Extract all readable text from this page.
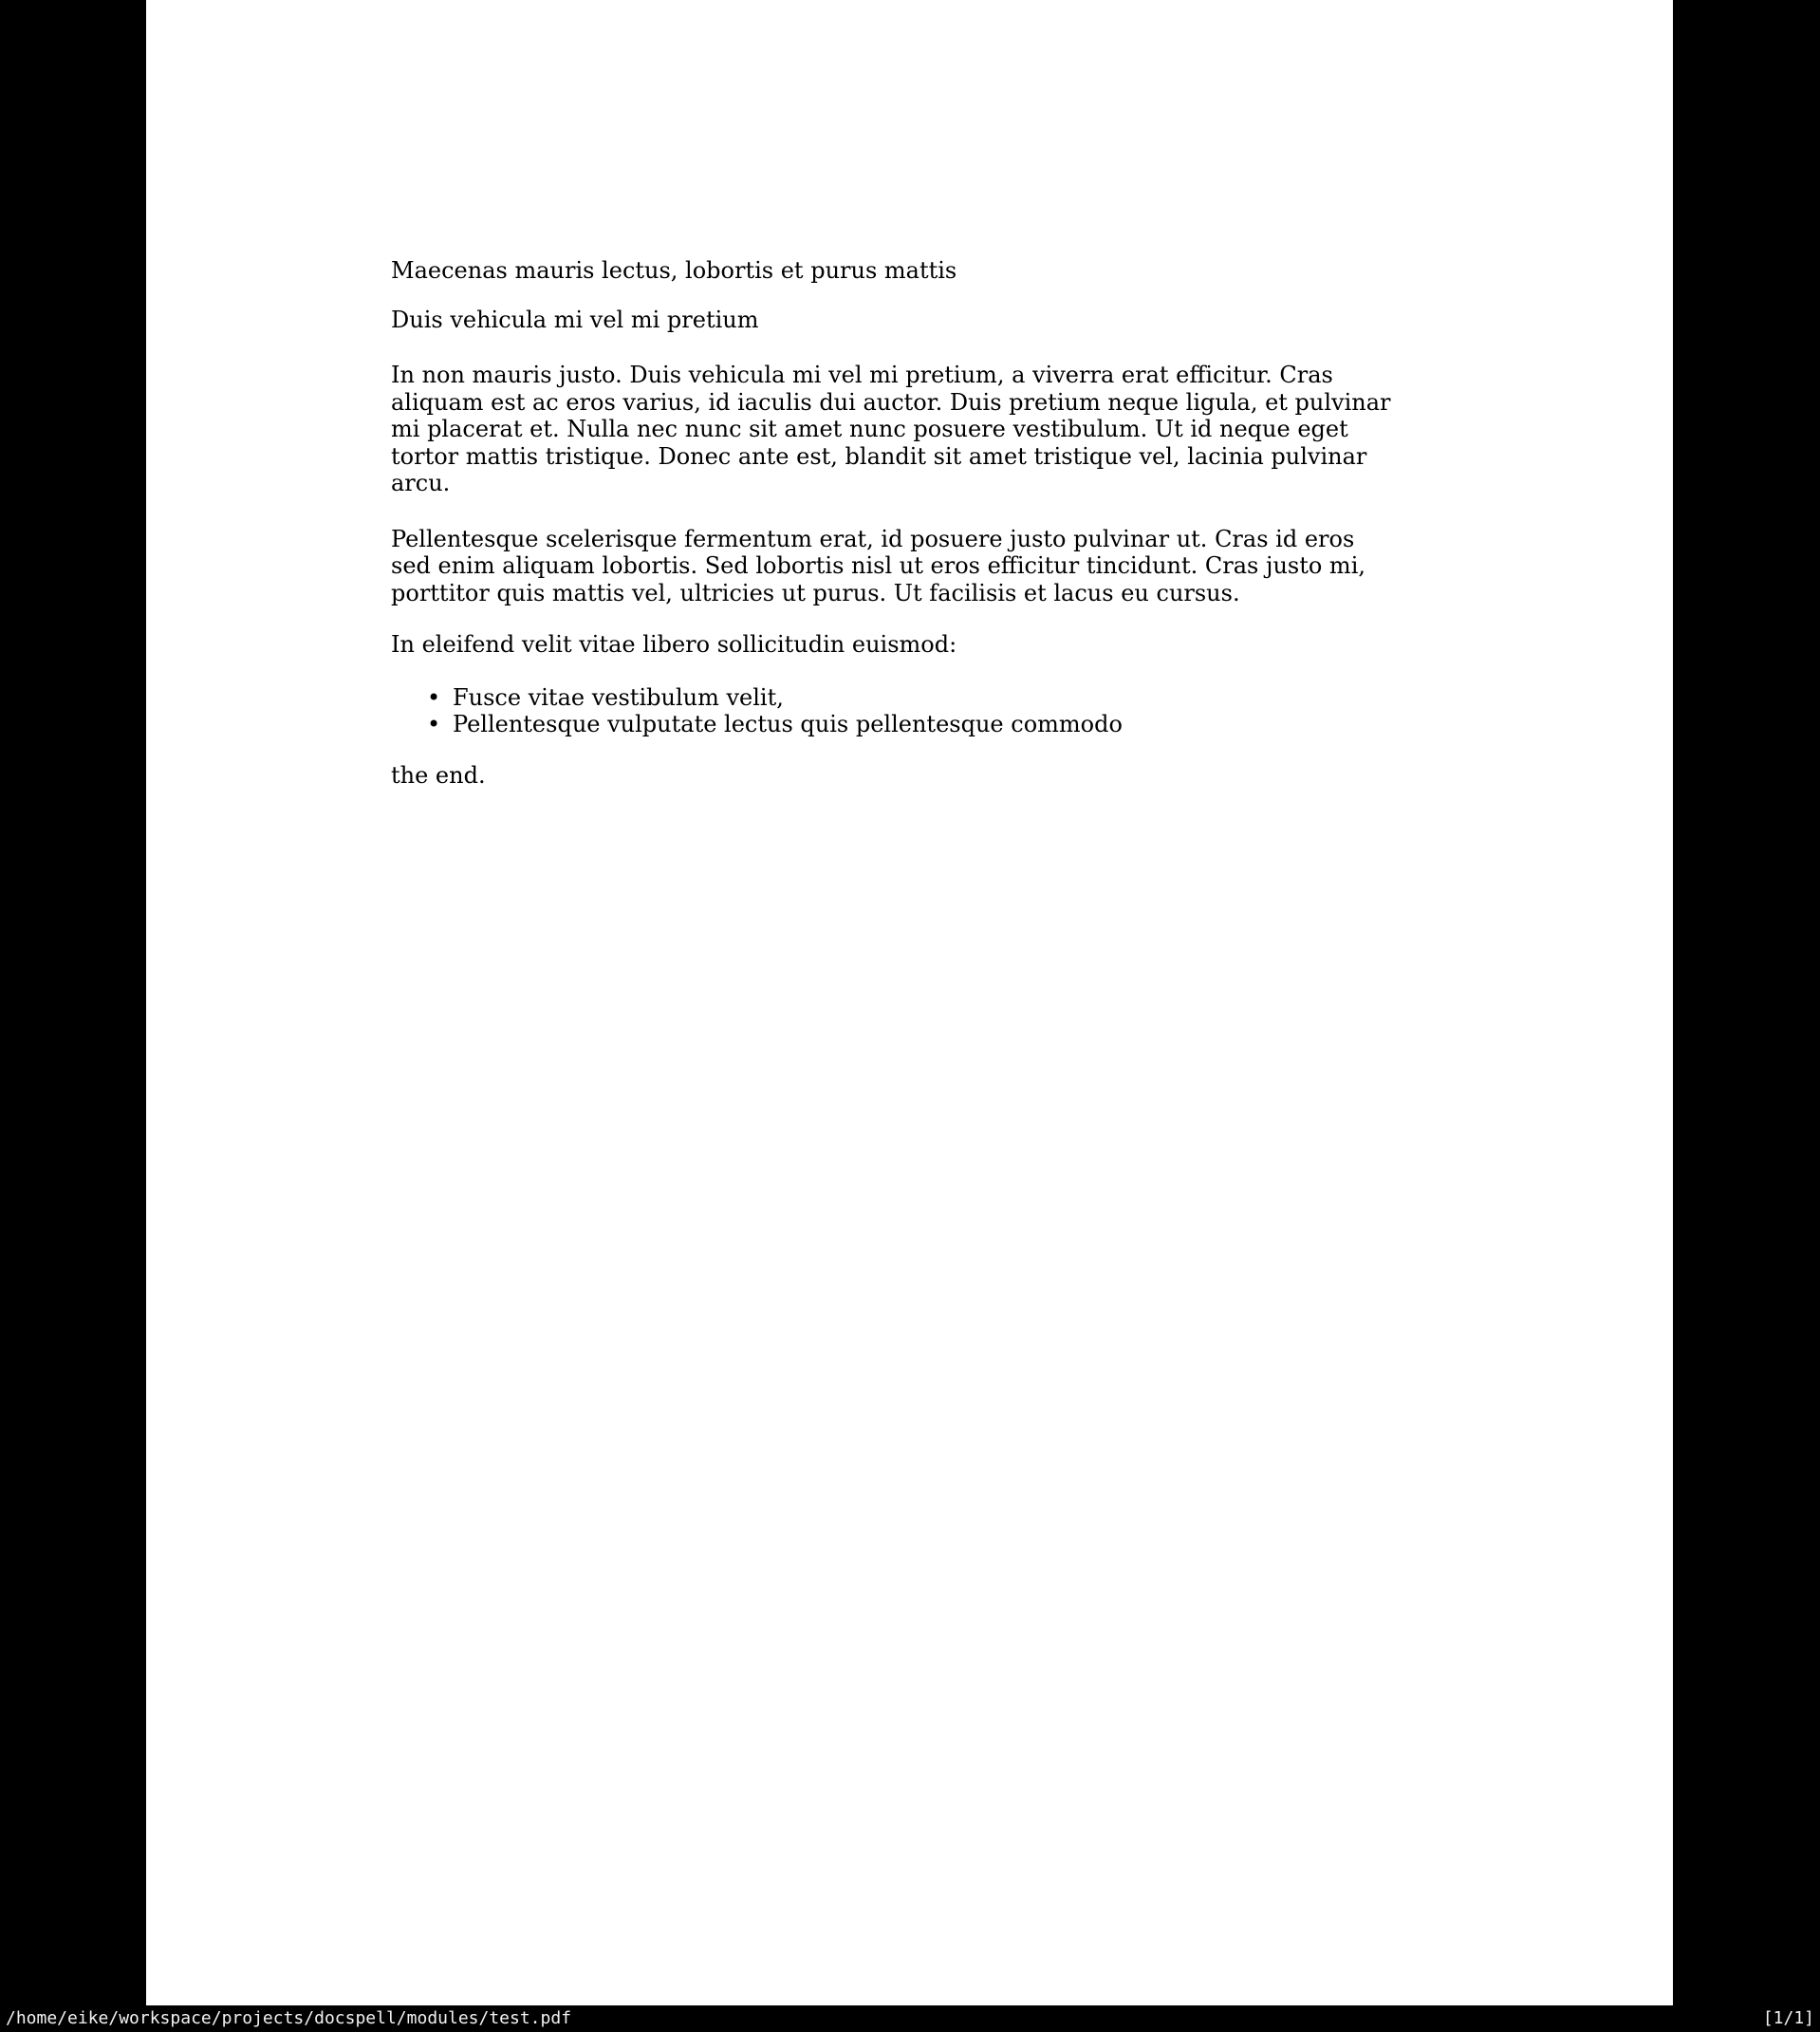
Maecenas mauris lectus, lobortis et purus mattis

Duis vehicula mi vel mi pretium

In non mauris justo. Duis vehicula mi vel mi pretium, a viverra erat efficitur. Cras
aliquam est ac eros varius, id iaculis dui auctor. Duis pretium neque ligula, et pulvinar
mi placerat et. Nulla nec nunc sit amet nunc posuere vestibulum. Ut id neque eget
tortor mattis tristique. Donec ante est, blandit sit amet tristique vel, lacinia pulvinar
arcu.

Pellentesque scelerisque fermentum erat, id posuere justo pulvinar ut. Cras id eros
sed enim aliquam lobortis. Sed lobortis nisl ut eros efficitur tincidunt. Cras justo mi,
porttitor quis mattis vel, ultricies ut purus. Ut facilisis et lacus eu cursus.

In eleifend velit vitae libero sollicitudin euismod:

• Fusce vitae vestibulum velit,
• Pellentesque vulputate lectus quis pellentesque commodo

the end.

/home/eike/workspace/projects/docspell/modules/test.pdf	[1/1]
